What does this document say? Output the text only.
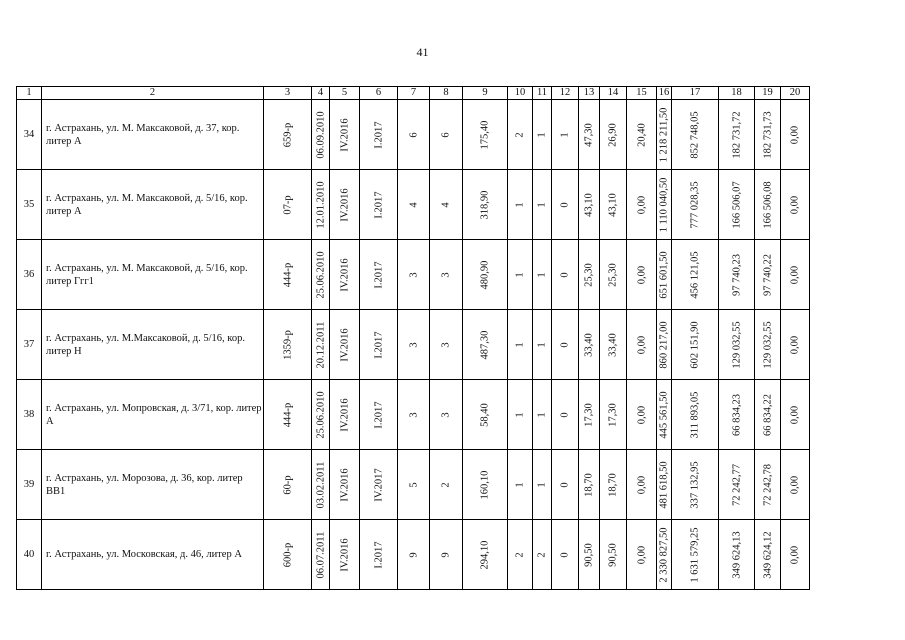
41
1	2	3	4	5	6	7	8	9	10	11	12	13	14	15	16	17	18	19	20
34	г. Астрахань, ул. М. Максаковой, д. 37, кор. литер А	659-р	06.09.2010	IV.2016	I.2017	6	6	175,40	2	1	1	47,30	26,90	20,40	1 218 211,50	852 748,05	182 731,72	182 731,73	0,00

35	г. Астрахань, ул. М. Максаковой, д. 5/16, кор. литер А	07-р	12.01.2010	IV.2016	I.2017	4	4	318,90	1	1	0	43,10	43,10	0,00	1 110 040,50	777 028,35	166 506,07	166 506,08	0,00

36	г. Астрахань, ул. М. Максаковой, д. 5/16, кор. литер Ггг1	444-р	25.06.2010	IV.2016	I.2017	3	3	480,90	1	1	0	25,30	25,30	0,00	651 601,50	456 121,05	97 740,23	97 740,22	0,00

37	г. Астрахань, ул. М.Максаковой, д. 5/16, кор. литер Н	1359-р	20.12.2011	IV.2016	I.2017	3	3	487,30	1	1	0	33,40	33,40	0,00	860 217,00	602 151,90	129 032,55	129 032,55	0,00

38	г. Астрахань, ул. Мопровская, д. 3/71, кор. литер А	444-р	25.06.2010	IV.2016	I.2017	3	3	58,40	1	1	0	17,30	17,30	0,00	445 561,50	311 893,05	66 834,23	66 834,22	0,00

39	г. Астрахань, ул. Морозова, д. 36, кор. литер ВВ1	60-р	03.02.2011	IV.2016	IV.2017	5	2	160,10	1	1	0	18,70	18,70	0,00	481 618,50	337 132,95	72 242,77	72 242,78	0,00

40	г. Астрахань, ул. Московская, д. 46, литер А	600-р	06.07.2011	IV.2016	I.2017	9	9	294,10	2	2	0	90,50	90,50	0,00	2 330 827,50	1 631 579,25	349 624,13	349 624,12	0,00
